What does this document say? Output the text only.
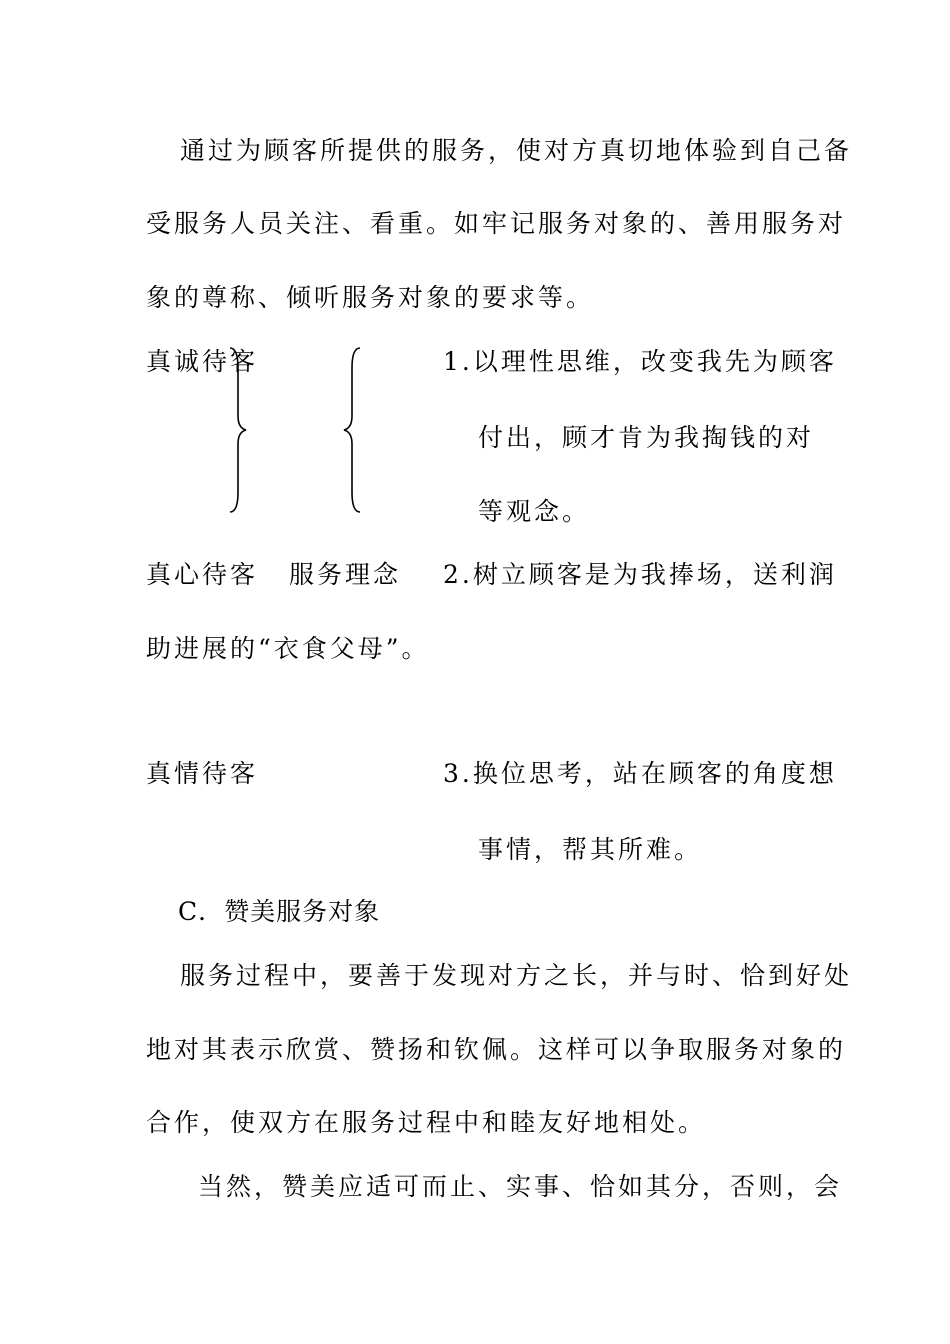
通过为顾客所提供的服务，使对方真切地体验到自己备
受服务人员关注、看重。如牢记服务对象的、善用服务对
象的尊称、倾听服务对象的要求等。
真诚待客
真心待客
真情待客
服务理念
1.以理性思维，改变我先为顾客
付出，顾才肯为我掏钱的对
等观念。
2.树立顾客是为我捧场，送利润
助进展的“衣食父母”。
3.换位思考，站在顾客的角度想
事情，帮其所难。
C．赞美服务对象
服务过程中，要善于发现对方之长，并与时、恰到好处
地对其表示欣赏、赞扬和钦佩。这样可以争取服务对象的
合作，使双方在服务过程中和睦友好地相处。
当然，赞美应适可而止、实事、恰如其分，否则，会
